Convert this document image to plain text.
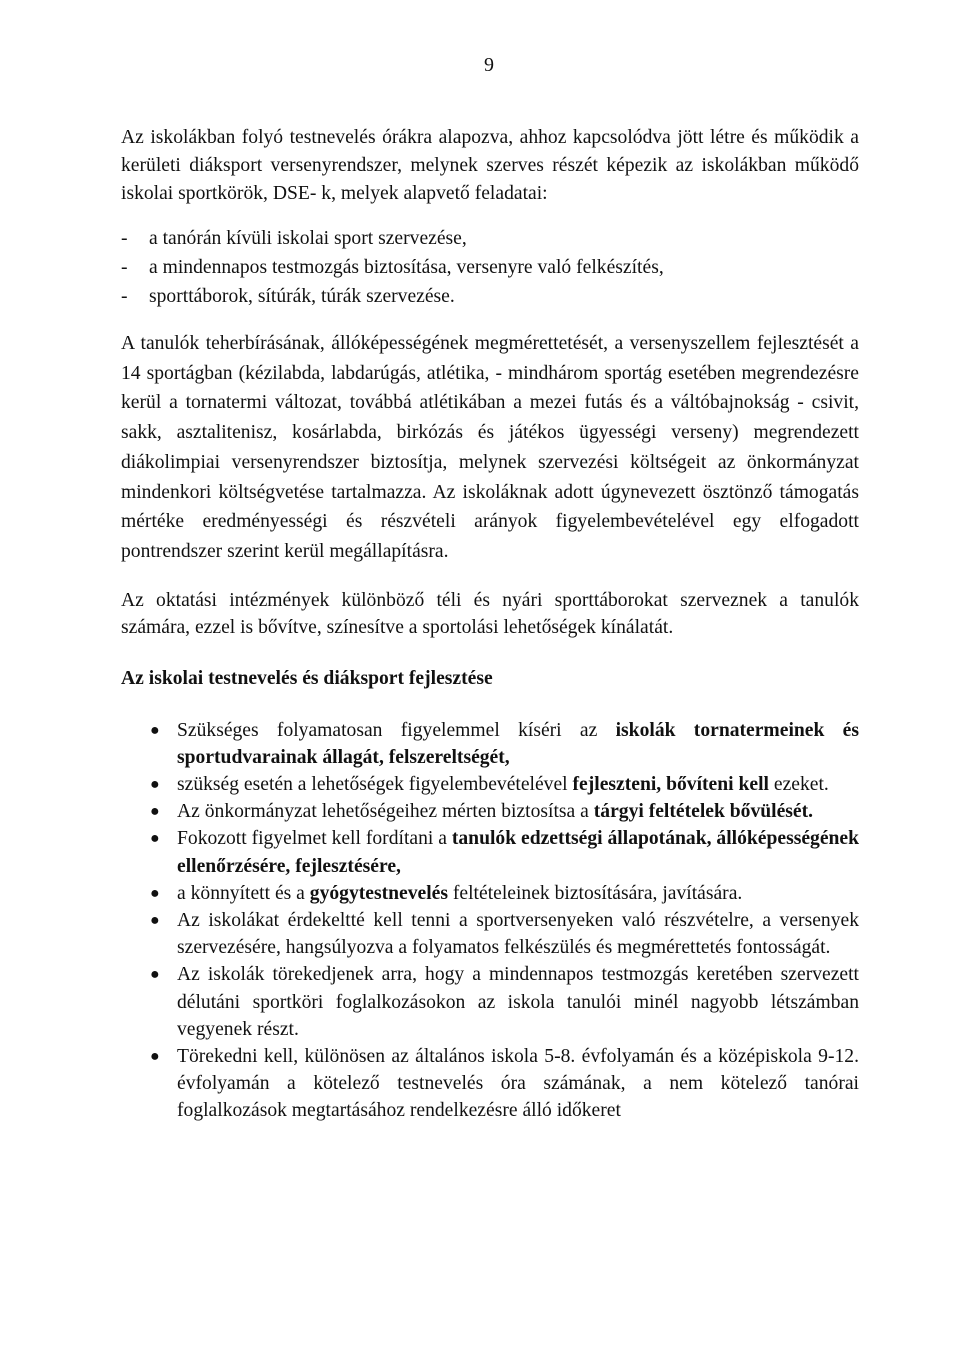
9

Az iskolákban folyó testnevelés órákra alapozva, ahhoz kapcsolódva jött létre és működik a kerületi diáksport versenyrendszer, melynek szerves részét képezik az iskolákban működő iskolai sportkörök, DSE- k, melyek alapvető feladatai:

- a tanórán kívüli iskolai sport szervezése,
- a mindennapos testmozgás biztosítása, versenyre való felkészítés,
- sporttáborok, sítúrák, túrák szervezése.

A tanulók teherbírásának, állóképességének megmérettetését, a versenyszellem fejlesztését a 14 sportágban (kézilabda, labdarúgás, atlétika, - mindhárom sportág esetében megrendezésre kerül a tornatermi változat, továbbá atlétikában a mezei futás és a váltóbajnokság - csivit, sakk, asztalitenisz, kosárlabda, birkózás és játékos ügyességi verseny) megrendezett diákolimpiai versenyrendszer biztosítja, melynek szervezési költségeit az önkormányzat mindenkori költségvetése tartalmazza. Az iskoláknak adott úgynevezett ösztönző támogatás mértéke eredményességi és részvételi arányok figyelembevételével egy elfogadott pontrendszer szerint kerül megállapításra.

Az oktatási intézmények különböző téli és nyári sporttáborokat szerveznek a tanulók számára, ezzel is bővítve, színesítve a sportolási lehetőségek kínálatát.

Az iskolai testnevelés és diáksport fejlesztése
● Szükséges folyamatosan figyelemmel kíséri az iskolák tornatermeinek és sportudvarainak állagát, felszereltségét,
● szükség esetén a lehetőségek figyelembevételével fejleszteni, bővíteni kell ezeket.
● Az önkormányzat lehetőségeihez mérten biztosítsa a tárgyi feltételek bővülését.
● Fokozott figyelmet kell fordítani a tanulók edzettségi állapotának, állóképességének ellenőrzésére, fejlesztésére,
● a könnyített és a gyógytestnevelés feltételeinek biztosítására, javítására.
● Az iskolákat érdekeltté kell tenni a sportversenyeken való részvételre, a versenyek szervezésére, hangsúlyozva a folyamatos felkészülés és megmérettetés fontosságát.
● Az iskolák törekedjenek arra, hogy a mindennapos testmozgás keretében szervezett délutáni sportköri foglalkozásokon az iskola tanulói minél nagyobb létszámban vegyenek részt.
● Törekedni kell, különösen az általános iskola 5-8. évfolyamán és a középiskola 9-12. évfolyamán a kötelező testnevelés óra számának, a nem kötelező tanórai foglalkozások megtartásához rendelkezésre álló időkeret
